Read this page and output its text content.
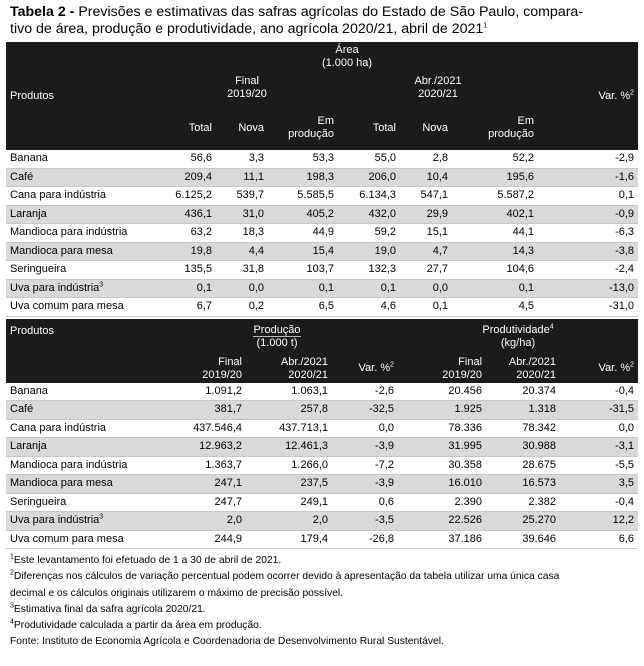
Tabela 2 - Previsões e estimativas das safras agrícolas do Estado de São Paulo, compara-
tivo de área, produção e produtividade, ano agrícola 2020/21, abril de 2021$^1$
Produtos	Área
(1.000 ha)						Var. %$^2$
	Final
2019/20			Abr./2021
2020/21			
	Total	Nova	Em
produção	Total	Nova	Em
produção	
Banana	56,6	3,3	53,3	55,0	2,8	52,2	-2,9
Café	209,4	11,1	198,3	206,0	10,4	195,6	-1,6
Cana para indústria	6.125,2	539,7	5.585,5	6.134,3	547,1	5.587,2	0,1
Laranja	436,1	31,0	405,2	432,0	29,9	402,1	-0,9
Mandioca para indústria	63,2	18,3	44,9	59,2	15,1	44,1	-6,3
Mandioca para mesa	19,8	4,4	15,4	19,0	4,7	14,3	-3,8
Seringueira	135,5	31,8	103,7	132,3	27,7	104,6	-2,4
Uva para indústria$^3$	0,1	0,0	0,1	0,1	0,0	0,1	-13,0
Uva comum para mesa	6,7	0,2	6,5	4,6	0,1	4,5	-31,0
Produtos	Produção
(1.000 t)			Produtividade$^4$
(kg/ha)		
	Final
2019/20	Abr./2021
2020/21	Var. %$^2$	Final
2019/20	Abr./2021
2020/21	Var. %$^2$
Banana	1.091,2	1.063,1	-2,6	20.456	20.374	-0,4
Café	381,7	257,8	-32,5	1.925	1.318	-31,5
Cana para indústria	437.546,4	437.713,1	0,0	78.336	78.342	0,0
Laranja	12.963,2	12.461,3	-3,9	31.995	30.988	-3,1
Mandioca para indústria	1.363,7	1.266,0	-7,2	30.358	28.675	-5,5
Mandioca para mesa	247,1	237,5	-3,9	16.010	16.573	3,5
Seringueira	247,7	249,1	0,6	2.390	2.382	-0,4
Uva para indústria$^3$	2,0	2,0	-3,5	22.526	25.270	12,2
Uva comum para mesa	244,9	179,4	-26,8	37.186	39.646	6,6
$^1$Este levantamento foi efetuado de 1 a 30 de abril de 2021.
$^2$Diferenças nos cálculos de variação percentual podem ocorrer devido à apresentação da tabela utilizar uma única casa
decimal e os cálculos originais utilizarem o máximo de precisão possível.
$^3$Estimativa final da safra agrícola 2020/21.
$^4$Produtividade calculada a partir da área em produção.
Fonte: Instituto de Economia Agrícola e Coordenadoria de Desenvolvimento Rural Sustentável.
